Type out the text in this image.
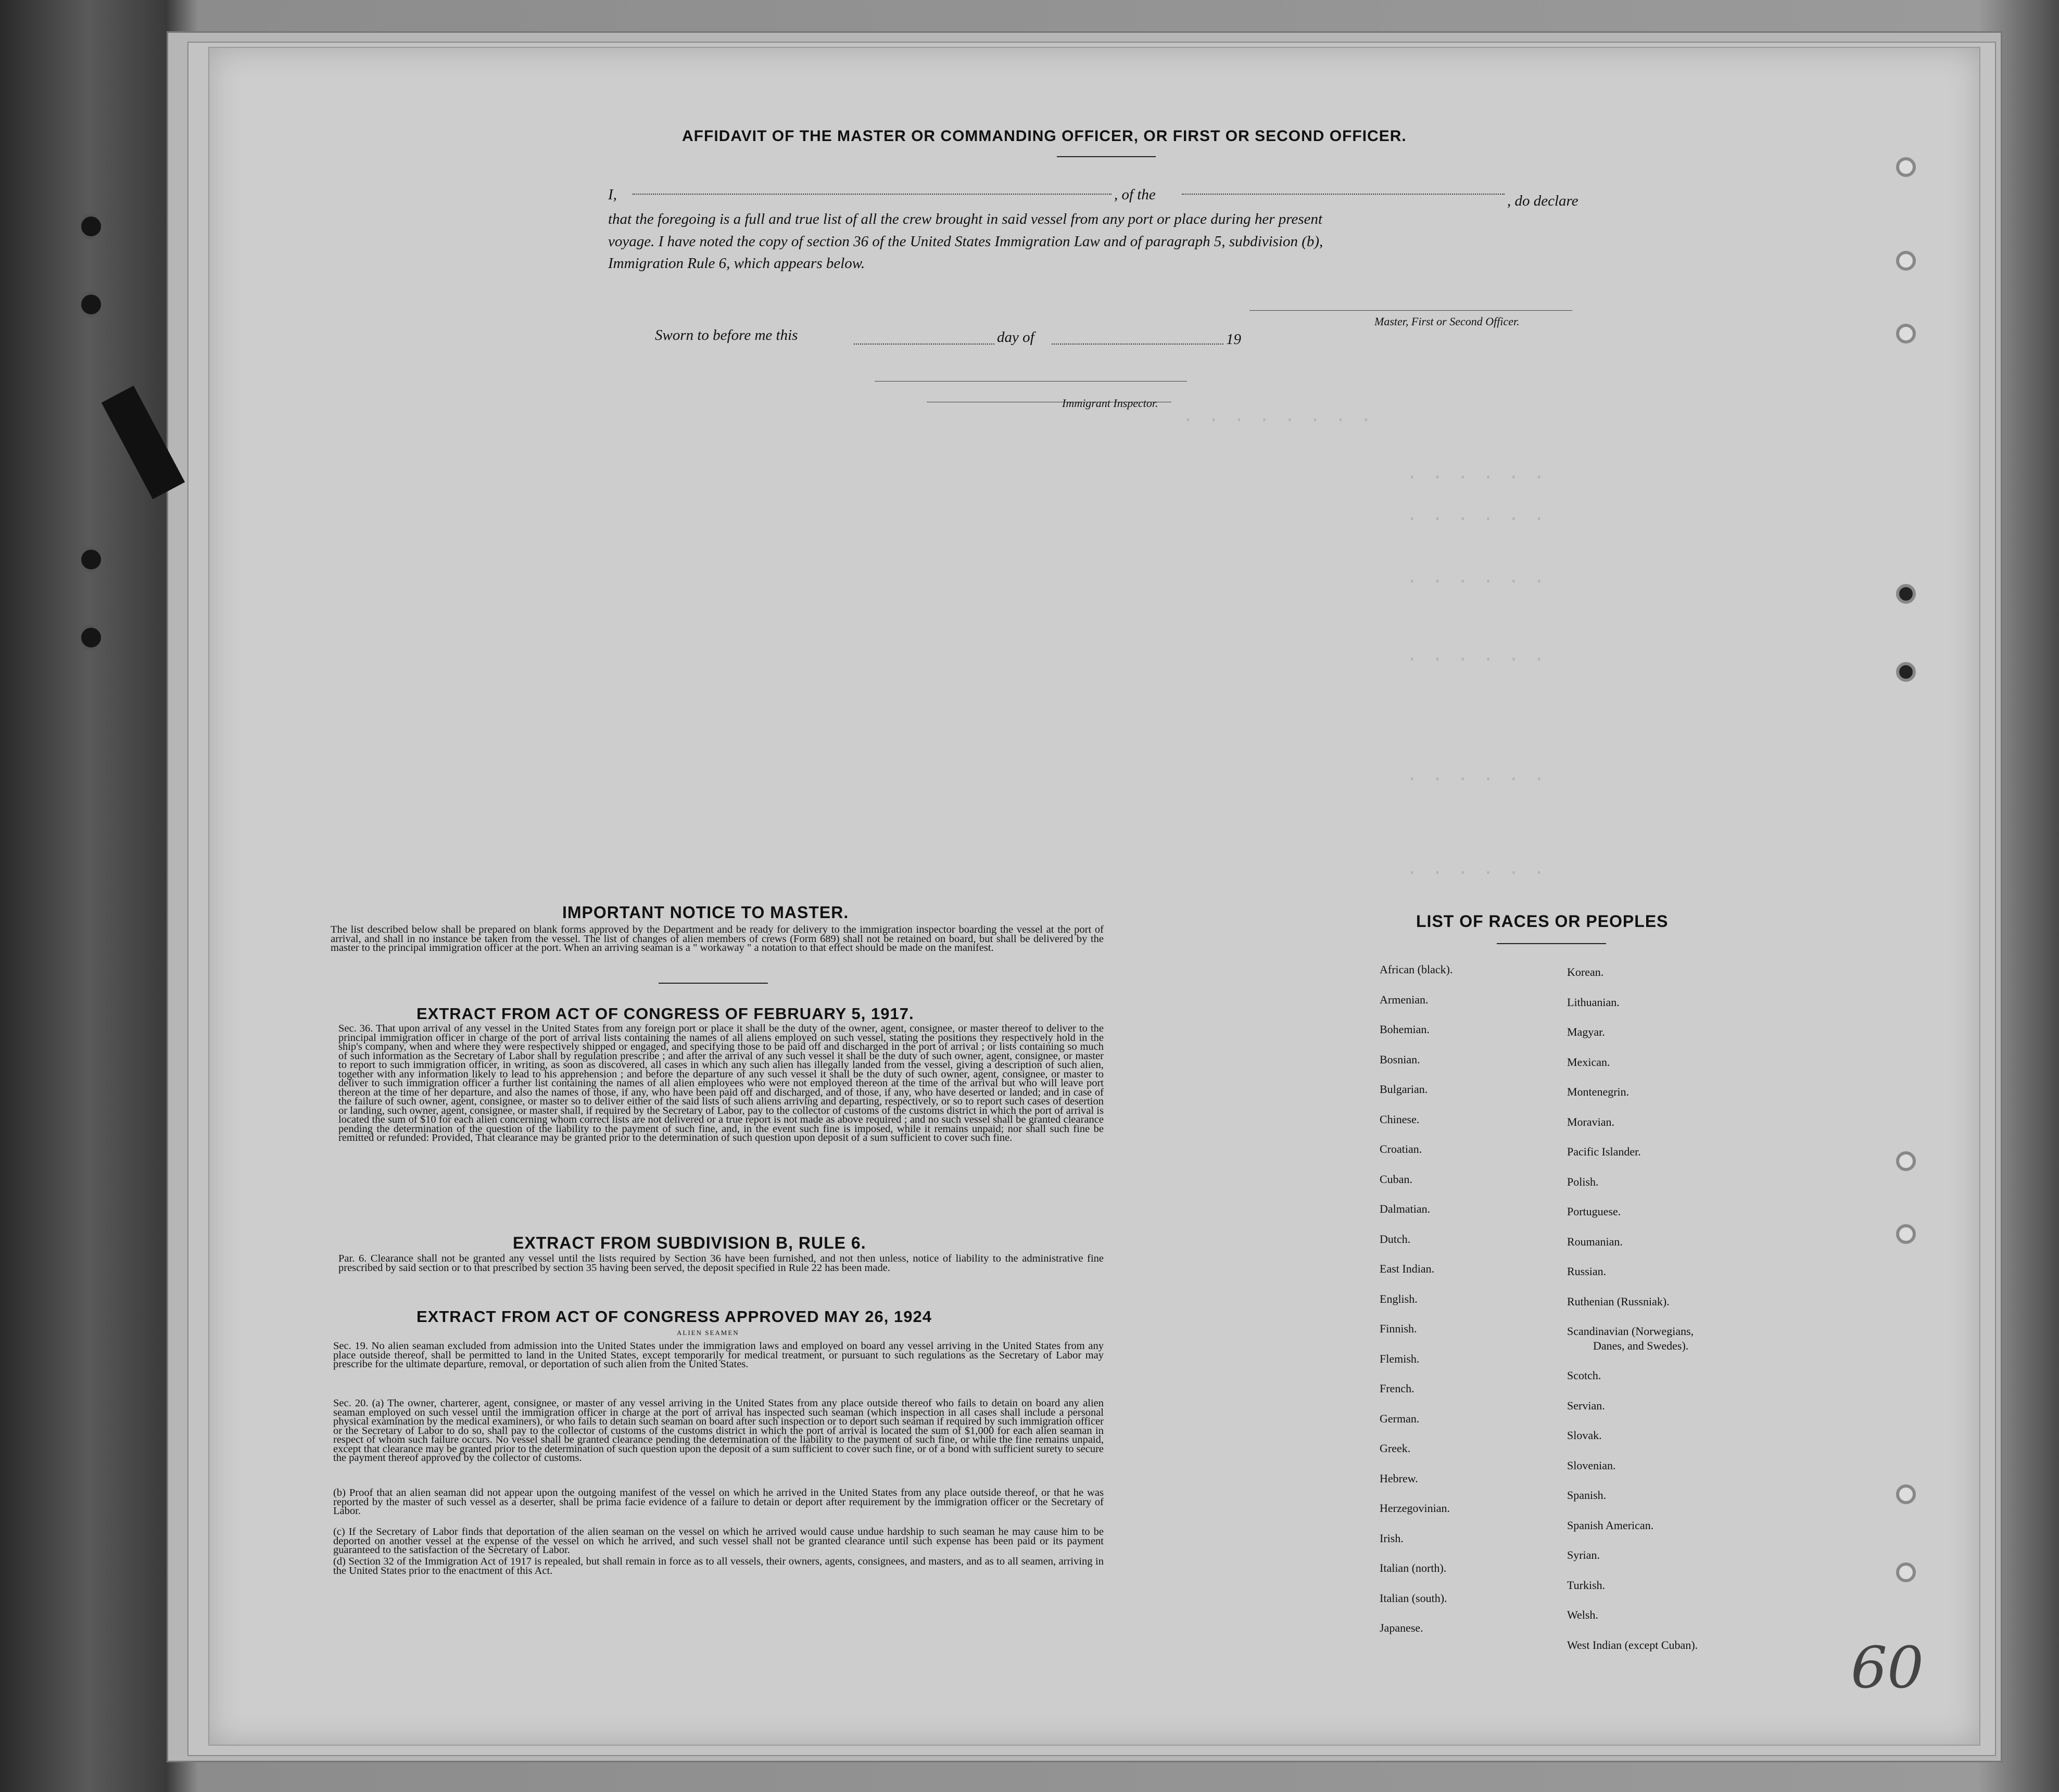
. . . . . . . .
. . . . . .
. . . . . .
. . . . . .
. . . . . .
. . . . . .
. . . . . .
AFFIDAVIT OF THE MASTER OR COMMANDING OFFICER, OR FIRST OR SECOND OFFICER.
I,	, of the	, do declare
that the foregoing is a full and true list of all the crew brought in said vessel from any port or place during her present
voyage. I have noted the copy of section 36 of the United States Immigration Law and of paragraph 5, subdivision (b),
Immigration Rule 6, which appears below.
Master, First or Second Officer.
Sworn to before me this	day of	19
Immigrant Inspector.
IMPORTANT NOTICE TO MASTER.
The list described below shall be prepared on blank forms approved by the Department and be ready for delivery to the immigration inspector boarding the vessel at the port of arrival, and shall in no instance be taken from the vessel. The list of changes of alien members of crews (Form 689) shall not be retained on board, but shall be delivered by the master to the principal immigration officer at the port. When an arriving seaman is a " workaway " a notation to that effect should be made on the manifest.
EXTRACT FROM ACT OF CONGRESS OF FEBRUARY 5, 1917.
Sec. 36. That upon arrival of any vessel in the United States from any foreign port or place it shall be the duty of the owner, agent, consignee, or master thereof to deliver to the principal immigration officer in charge of the port of arrival lists containing the names of all aliens employed on such vessel, stating the positions they respectively hold in the ship's company, when and where they were respectively shipped or engaged, and specifying those to be paid off and discharged in the port of arrival ; or lists containing so much of such information as the Secretary of Labor shall by regulation prescribe ; and after the arrival of any such vessel it shall be the duty of such owner, agent, consignee, or master to report to such immigration officer, in writing, as soon as discovered, all cases in which any such alien has illegally landed from the vessel, giving a description of such alien, together with any information likely to lead to his apprehension ; and before the departure of any such vessel it shall be the duty of such owner, agent, consignee, or master to deliver to such immigration officer a further list containing the names of all alien employees who were not employed thereon at the time of the arrival but who will leave port thereon at the time of her departure, and also the names of those, if any, who have been paid off and discharged, and of those, if any, who have deserted or landed; and in case of the failure of such owner, agent, consignee, or master so to deliver either of the said lists of such aliens arriving and departing, respectively, or so to report such cases of desertion or landing, such owner, agent, consignee, or master shall, if required by the Secretary of Labor, pay to the collector of customs of the customs district in which the port of arrival is located the sum of $10 for each alien concerning whom correct lists are not delivered or a true report is not made as above required ; and no such vessel shall be granted clearance pending the determination of the question of the liability to the payment of such fine, and, in the event such fine is imposed, while it remains unpaid; nor shall such fine be remitted or refunded: Provided, That clearance may be granted prior to the determination of such question upon deposit of a sum sufficient to cover such fine.
EXTRACT FROM SUBDIVISION B, RULE 6.
Par. 6. Clearance shall not be granted any vessel until the lists required by Section 36 have been furnished, and not then unless, notice of liability to the administrative fine prescribed by said section or to that prescribed by section 35 having been served, the deposit specified in Rule 22 has been made.
EXTRACT FROM ACT OF CONGRESS APPROVED MAY 26, 1924
ALIEN SEAMEN
Sec. 19. No alien seaman excluded from admission into the United States under the immigration laws and employed on board any vessel arriving in the United States from any place outside thereof, shall be permitted to land in the United States, except temporarily for medical treatment, or pursuant to such regulations as the Secretary of Labor may prescribe for the ultimate departure, removal, or deportation of such alien from the United States.
Sec. 20. (a) The owner, charterer, agent, consignee, or master of any vessel arriving in the United States from any place outside thereof who fails to detain on board any alien seaman employed on such vessel until the immigration officer in charge at the port of arrival has inspected such seaman (which inspection in all cases shall include a personal physical examination by the medical examiners), or who fails to detain such seaman on board after such inspection or to deport such seaman if required by such immigration officer or the Secretary of Labor to do so, shall pay to the collector of customs of the customs district in which the port of arrival is located the sum of $1,000 for each alien seaman in respect of whom such failure occurs. No vessel shall be granted clearance pending the determination of the liability to the payment of such fine, or while the fine remains unpaid, except that clearance may be granted prior to the determination of such question upon the deposit of a sum sufficient to cover such fine, or of a bond with sufficient surety to secure the payment thereof approved by the collector of customs.
(b) Proof that an alien seaman did not appear upon the outgoing manifest of the vessel on which he arrived in the United States from any place outside thereof, or that he was reported by the master of such vessel as a deserter, shall be prima facie evidence of a failure to detain or deport after requirement by the immigration officer or the Secretary of Labor.
(c) If the Secretary of Labor finds that deportation of the alien seaman on the vessel on which he arrived would cause undue hardship to such seaman he may cause him to be deported on another vessel at the expense of the vessel on which he arrived, and such vessel shall not be granted clearance until such expense has been paid or its payment guaranteed to the satisfaction of the Secretary of Labor.
(d) Section 32 of the Immigration Act of 1917 is repealed, but shall remain in force as to all vessels, their owners, agents, consignees, and masters, and as to all seamen, arriving in the United States prior to the enactment of this Act.
LIST OF RACES OR PEOPLES
African (black).
Armenian.
Bohemian.
Bosnian.
Bulgarian.
Chinese.
Croatian.
Cuban.
Dalmatian.
Dutch.
East Indian.
English.
Finnish.
Flemish.
French.
German.
Greek.
Hebrew.
Herzegovinian.
Irish.
Italian (north).
Italian (south).
Japanese.
Korean.
Lithuanian.
Magyar.
Mexican.
Montenegrin.
Moravian.
Pacific Islander.
Polish.
Portuguese.
Roumanian.
Russian.
Ruthenian (Russniak).
Scandinavian (Norwegians,
Danes, and Swedes).
Scotch.
Servian.
Slovak.
Slovenian.
Spanish.
Spanish American.
Syrian.
Turkish.
Welsh.
West Indian (except Cuban).	60
